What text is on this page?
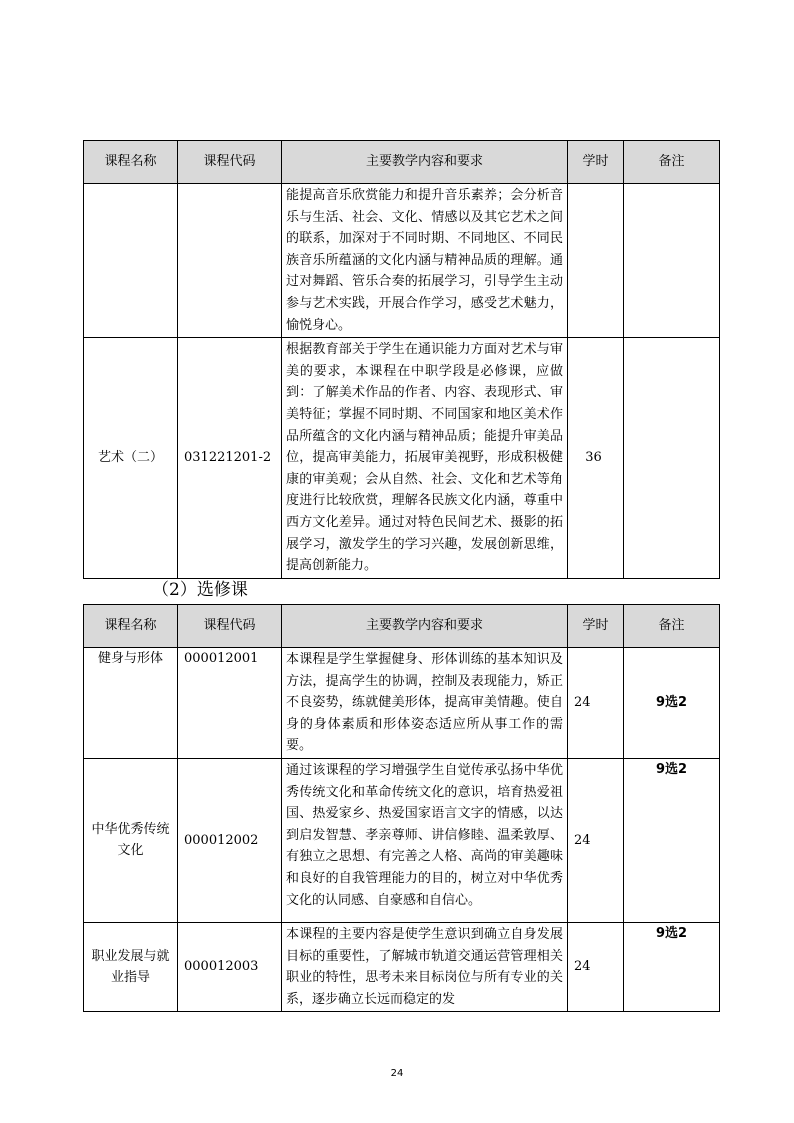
课程名称	课程代码	主要教学内容和要求	学时	备注
		能提高音乐欣赏能力和提升音乐素养；会分析音乐与生活、社会、文化、情感以及其它艺术之间的联系，加深对于不同时期、不同地区、不同民族音乐所蕴涵的文化内涵与精神品质的理解。通过对舞蹈、管乐合奏的拓展学习，引导学生主动参与艺术实践，开展合作学习，感受艺术魅力，愉悦身心。		
艺术（二）	031221201-2	根据教育部关于学生在通识能力方面对艺术与审美的要求，本课程在中职学段是必修课，应做到：了解美术作品的作者、内容、表现形式、审美特征；掌握不同时期、不同国家和地区美术作品所蕴含的文化内涵与精神品质；能提升审美品位，提高审美能力，拓展审美视野，形成积极健康的审美观；会从自然、社会、文化和艺术等角度进行比较欣赏，理解各民族文化内涵，尊重中西方文化差异。通过对特色民间艺术、摄影的拓展学习，激发学生的学习兴趣，发展创新思维，提高创新能力。	36	
（2）选修课
课程名称	课程代码	主要教学内容和要求	学时	备注
健身与形体	000012001	本课程是学生掌握健身、形体训练的基本知识及方法，提高学生的协调，控制及表现能力，矫正不良姿势，练就健美形体，提高审美情趣。使自身的身体素质和形体姿态适应所从事工作的需要。	24	9选2
中华优秀传统文化	000012002	通过该课程的学习增强学生自觉传承弘扬中华优秀传统文化和革命传统文化的意识，培育热爱祖国、热爱家乡、热爱国家语言文字的情感，以达到启发智慧、孝亲尊师、讲信修睦、温柔敦厚、有独立之思想、有完善之人格、高尚的审美趣味和良好的自我管理能力的目的，树立对中华优秀文化的认同感、自豪感和自信心。	24	9选2
职业发展与就业指导	000012003	本课程的主要内容是使学生意识到确立自身发展目标的重要性，了解城市轨道交通运营管理相关职业的特性，思考未来目标岗位与所有专业的关系，逐步确立长远而稳定的发	24	9选2
24
